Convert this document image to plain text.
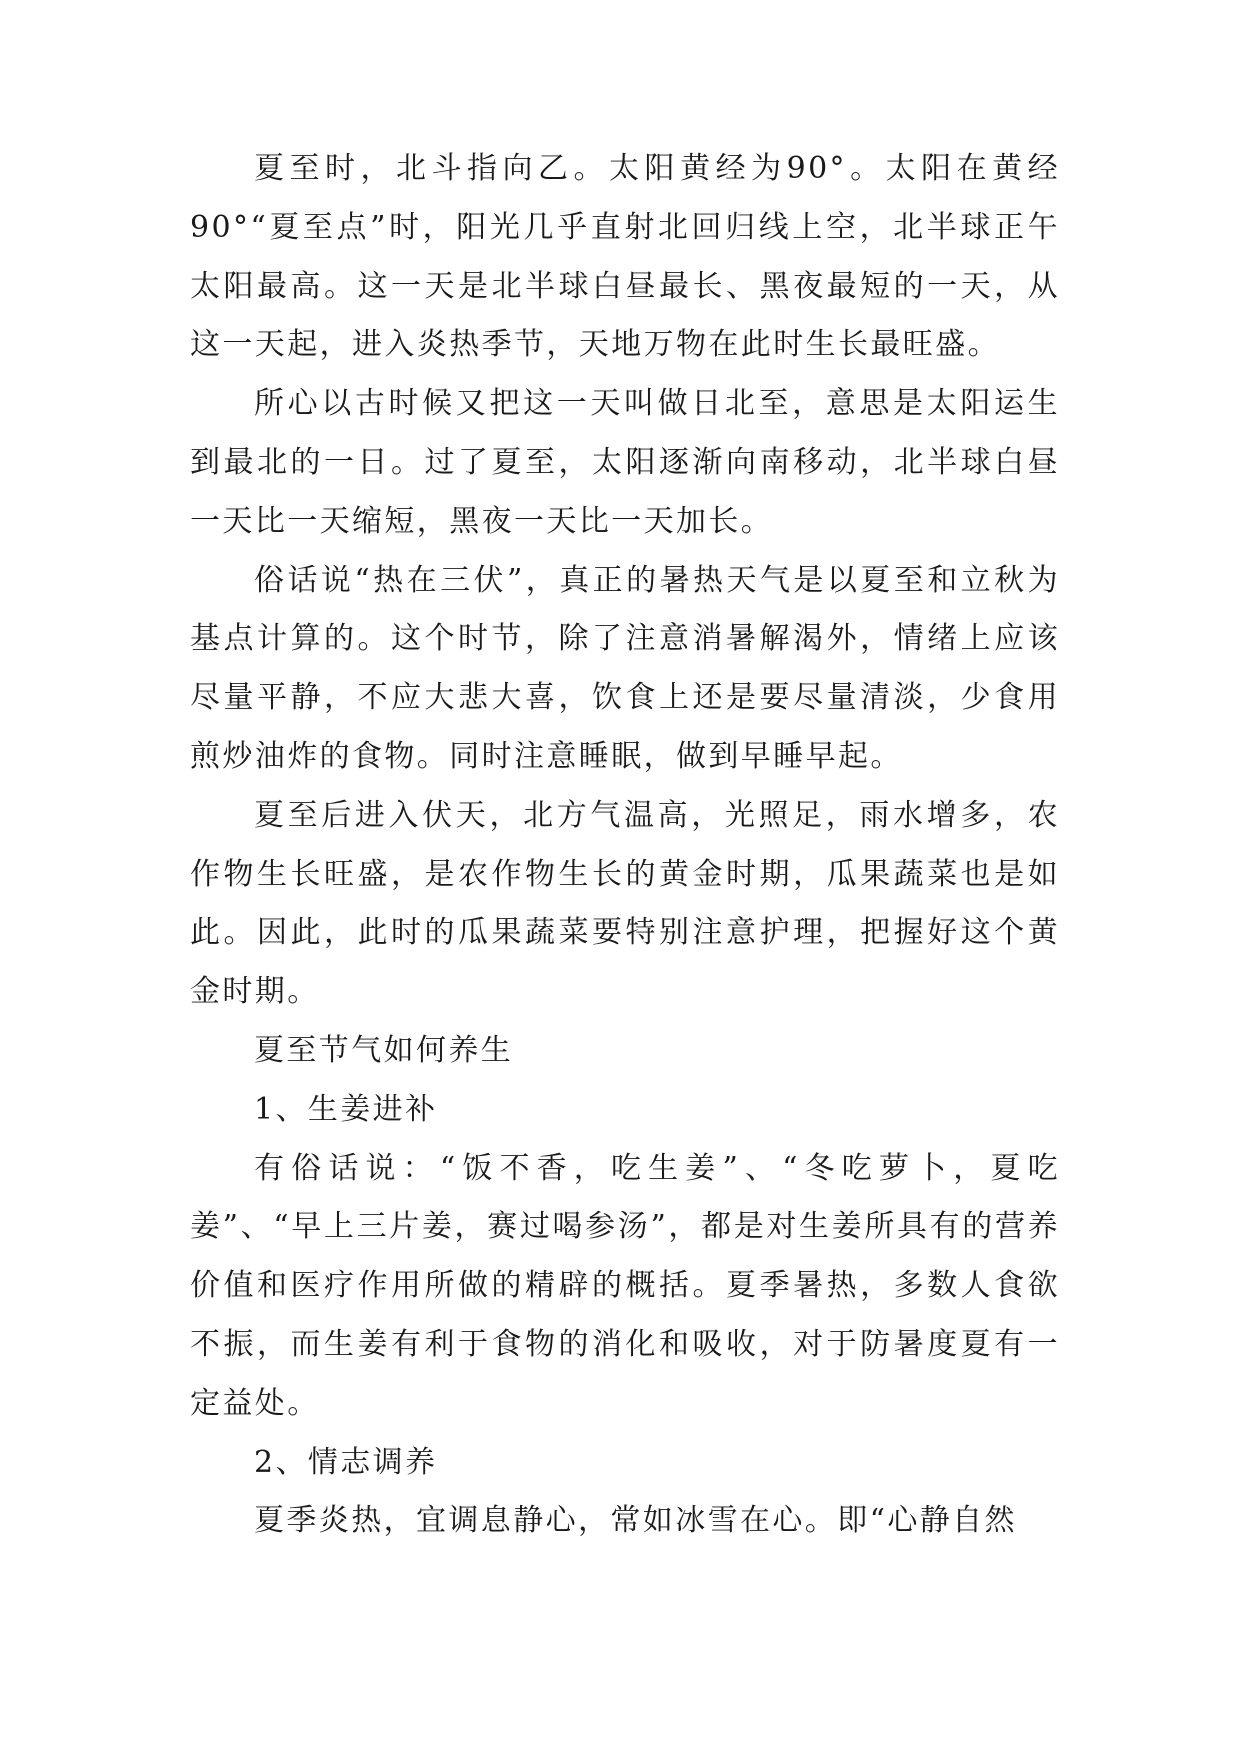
夏至时，北斗指向乙。太阳黄经为90°。太阳在黄经90°“夏至点”时，阳光几乎直射北回归线上空，北半球正午太阳最高。这一天是北半球白昼最长、黑夜最短的一天，从这一天起，进入炎热季节，天地万物在此时生长最旺盛。

所心以古时候又把这一天叫做日北至，意思是太阳运生到最北的一日。过了夏至，太阳逐渐向南移动，北半球白昼一天比一天缩短，黑夜一天比一天加长。

俗话说“热在三伏”，真正的暑热天气是以夏至和立秋为基点计算的。这个时节，除了注意消暑解渴外，情绪上应该尽量平静，不应大悲大喜，饮食上还是要尽量清淡，少食用煎炒油炸的食物。同时注意睡眠，做到早睡早起。

夏至后进入伏天，北方气温高，光照足，雨水增多，农作物生长旺盛，是农作物生长的黄金时期，瓜果蔬菜也是如此。因此，此时的瓜果蔬菜要特别注意护理，把握好这个黄金时期。

夏至节气如何养生

1、生姜进补

有俗话说：“饭不香，吃生姜”、“冬吃萝卜，夏吃姜”、“早上三片姜，赛过喝参汤”，都是对生姜所具有的营养价值和医疗作用所做的精辟的概括。夏季暑热，多数人食欲不振，而生姜有利于食物的消化和吸收，对于防暑度夏有一定益处。

2、情志调养

夏季炎热，宜调息静心，常如冰雪在心。即“心静自然
